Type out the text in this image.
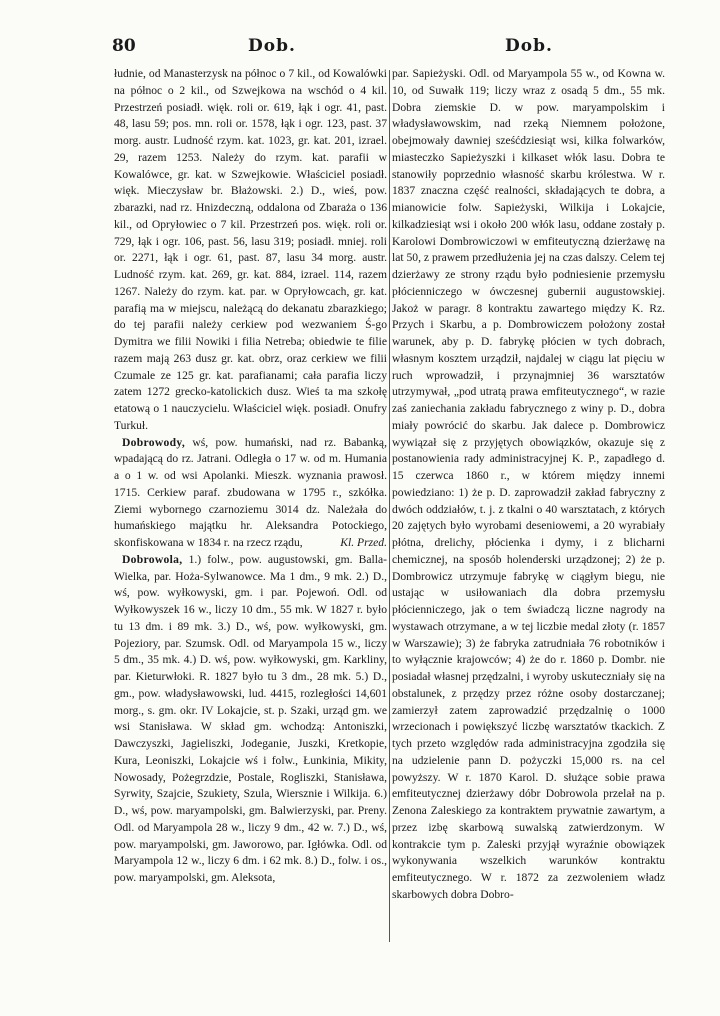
80	Dob.	Dob.

łudnie, od Manasterzysk na północ o 7 kil., od Kowalówki na północ o 2 kil., od Szwejkowa na wschód o 4 kil. Przestrzeń posiadł. więk. roli or. 619, łąk i ogr. 41, past. 48, lasu 59; pos. mn. roli or. 1578, łąk i ogr. 123, past. 37 morg. austr. Ludność rzym. kat. 1023, gr. kat. 201, izrael. 29, razem 1253. Należy do rzym. kat. parafii w Kowalówce, gr. kat. w Szwejkowie. Właściciel posiadł. więk. Mieczysław br. Błażowski. 2.) D., wieś, pow. zbarazki, nad rz. Hnizdeczną, oddalona od Zbaraża o 136 kil., od Opryłowiec o 7 kil. Przestrzeń pos. więk. roli or. 729, łąk i ogr. 106, past. 56, lasu 319; posiadł. mniej. roli or. 2271, łąk i ogr. 61, past. 87, lasu 34 morg. austr. Ludność rzym. kat. 269, gr. kat. 884, izrael. 114, razem 1267. Należy do rzym. kat. par. w Opryłowcach, gr. kat. parafią ma w miejscu, należącą do dekanatu zbarazkiego; do tej parafii należy cerkiew pod wezwaniem Ś-go Dymitra we filii Nowiki i filia Netreba; obiedwie te filie razem mają 263 dusz gr. kat. obrz, oraz cerkiew we filii Czumale ze 125 gr. kat. parafianami; cała parafia liczy zatem 1272 grecko-katolickich dusz. Wieś ta ma szkołę etatową o 1 nauczycielu. Właściciel więk. posiadł. Onufry Turkuł.

Dobrowody, wś, pow. humański, nad rz. Babanką, wpadającą do rz. Jatrani. Odległa o 17 w. od m. Humania a o 1 w. od wsi Apolanki. Mieszk. wyznania prawosł. 1715. Cerkiew paraf. zbudowana w 1795 r., szkółka. Ziemi wybornego czarnoziemu 3014 dz. Należała do humańskiego majątku hr. Aleksandra Potockiego, skonfiskowana w 1834 r. na rzecz rządu,	Kl. Przed.

Dobrowola, 1.) folw., pow. augustowski, gm. Balla-Wielka, par. Hoża-Sylwanowce. Ma 1 dm., 9 mk. 2.) D., wś, pow. wyłkowyski, gm. i par. Pojewoń. Odl. od Wyłkowyszek 16 w., liczy 10 dm., 55 mk. W 1827 r. było tu 13 dm. i 89 mk. 3.) D., wś, pow. wyłkowyski, gm. Pojeziory, par. Szumsk. Odl. od Maryampola 15 w., liczy 5 dm., 35 mk. 4.) D. wś, pow. wyłkowyski, gm. Karkliny, par. Kieturwłoki. R. 1827 było tu 3 dm., 28 mk. 5.) D., gm., pow. władysławowski, lud. 4415, rozległości 14,601 morg., s. gm. okr. IV Lokajcie, st. p. Szaki, urząd gm. we wsi Stanisława. W skład gm. wchodzą: Antoniszki, Dawczyszki, Jagieliszki, Jodeganie, Juszki, Kretkopie, Kura, Leoniszki, Lokajcie wś i folw., Łunkinia, Mikity, Nowosady, Pożegrzdzie, Postale, Rogliszki, Stanisława, Syrwity, Szajcie, Szukiety, Szula, Wiersznie i Wilkija. 6.) D., wś, pow. maryampolski, gm. Balwierzyski, par. Preny. Odl. od Maryampola 28 w., liczy 9 dm., 42 w. 7.) D., wś, pow. maryampolski, gm. Jaworowo, par. Igłówka. Odl. od Maryampola 12 w., liczy 6 dm. i 62 mk. 8.) D., folw. i os., pow. maryampolski, gm. Aleksota,

par. Sapieżyski. Odl. od Maryampola 55 w., od Kowna w. 10, od Suwałk 119; liczy wraz z osadą 5 dm., 55 mk. Dobra ziemskie D. w pow. maryampolskim i władysławowskim, nad rzeką Niemnem położone, obejmowały dawniej sześćdziesiąt wsi, kilka folwarków, miasteczko Sapieżyszki i kilkaset włók lasu. Dobra te stanowiły poprzednio własność skarbu królestwa. W r. 1837 znaczna część realności, składających te dobra, a mianowicie folw. Sapieżyski, Wilkija i Lokajcie, kilkadziesiąt wsi i około 200 włók lasu, oddane zostały p. Karolowi Dombrowiczowi w emfiteutyczną dzierżawę na lat 50, z prawem przedłużenia jej na czas dalszy. Celem tej dzierżawy ze strony rządu było podniesienie przemysłu płócienniczego w ówczesnej gubernii augustowskiej. Jakoż w paragr. 8 kontraktu zawartego między K. Rz. Przych i Skarbu, a p. Dombrowiczem położony został warunek, aby p. D. fabrykę płócien w tych dobrach, własnym kosztem urządził, najdalej w ciągu lat pięciu w ruch wprowadził, i przynajmniej 36 warsztatów utrzymywał, „pod utratą prawa emfiteutycznego“, w razie zaś zaniechania zakładu fabrycznego z winy p. D., dobra miały powrócić do skarbu. Jak dalece p. Dombrowicz wywiązał się z przyjętych obowiązków, okazuje się z postanowienia rady administracyjnej K. P., zapadłego d. 15 czerwca 1860 r., w którem między innemi powiedziano: 1) że p. D. zaprowadził zakład fabryczny z dwóch oddziałów, t. j. z tkalni o 40 warsztatach, z których 20 zajętych było wyrobami deseniowemi, a 20 wyrabiały płótna, drelichy, płócienka i dymy, i z blicharni chemicznej, na sposób holenderski urządzonej; 2) że p. Dombrowicz utrzymuje fabrykę w ciągłym biegu, nie ustając w usiłowaniach dla dobra przemysłu płócienniczego, jak o tem świadczą liczne nagrody na wystawach otrzymane, a w tej liczbie medal złoty (r. 1857 w Warszawie); 3) że fabryka zatrudniała 76 robotników i to wyłącznie krajowców; 4) że do r. 1860 p. Dombr. nie posiadał własnej przędzalni, i wyroby uskuteczniały się na obstalunek, z przędzy przez różne osoby dostarczanej; zamierzył zatem zaprowadzić przędzalnię o 1000 wrzecionach i powiększyć liczbę warsztatów tkackich. Z tych przeto względów rada administracyjna zgodziła się na udzielenie pann D. pożyczki 15,000 rs. na cel powyższy. W r. 1870 Karol. D. służące sobie prawa emfiteutycznej dzierżawy dóbr Dobrowola przelał na p. Zenona Zaleskiego za kontraktem prywatnie zawartym, a przez izbę skarbową suwalską zatwierdzonym. W kontrakcie tym p. Zaleski przyjął wyraźnie obowiązek wykonywania wszelkich warunków kontraktu emfiteutycznego. W r. 1872 za zezwoleniem władz skarbowych dobra Dobro-
